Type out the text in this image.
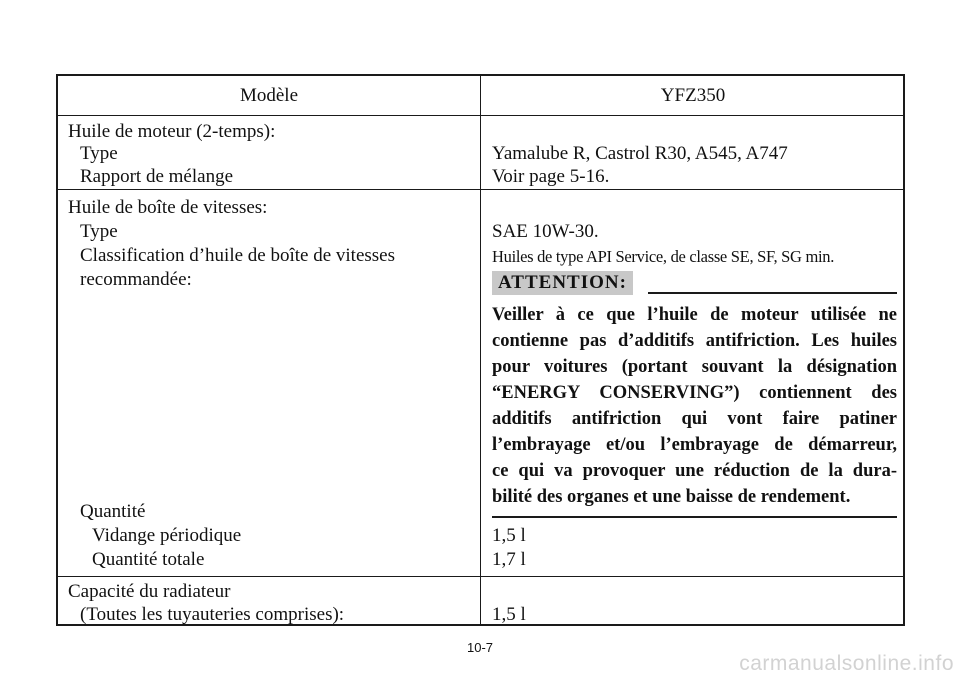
Modèle	YFZ350
Huile de moteur (2-temps):
Type
Rapport de mélange
Yamalube R, Castrol R30, A545, A747
Voir page 5-16.
Huile de boîte de vitesses:
Type
Classification d’huile de boîte de vitesses
recommandée:
SAE 10W-30.
Huiles de type API Service, de classe SE, SF, SG min.
ATTENTION:
Veiller à ce que l’huile de moteur utilisée ne
contienne pas d’additifs antifriction. Les huiles
pour voitures (portant souvant la désignation
“ENERGY CONSERVING”) contiennent des
additifs antifriction qui vont faire patiner
l’embrayage et/ou l’embrayage de démarreur,
ce qui va provoquer une réduction de la dura-
bilité des organes et une baisse de rendement.
Quantité
Vidange périodique
Quantité totale
1,5 l
1,7 l
Capacité du radiateur
(Toutes les tuyauteries comprises):	1,5 l
10-7
carmanualsonline.info
